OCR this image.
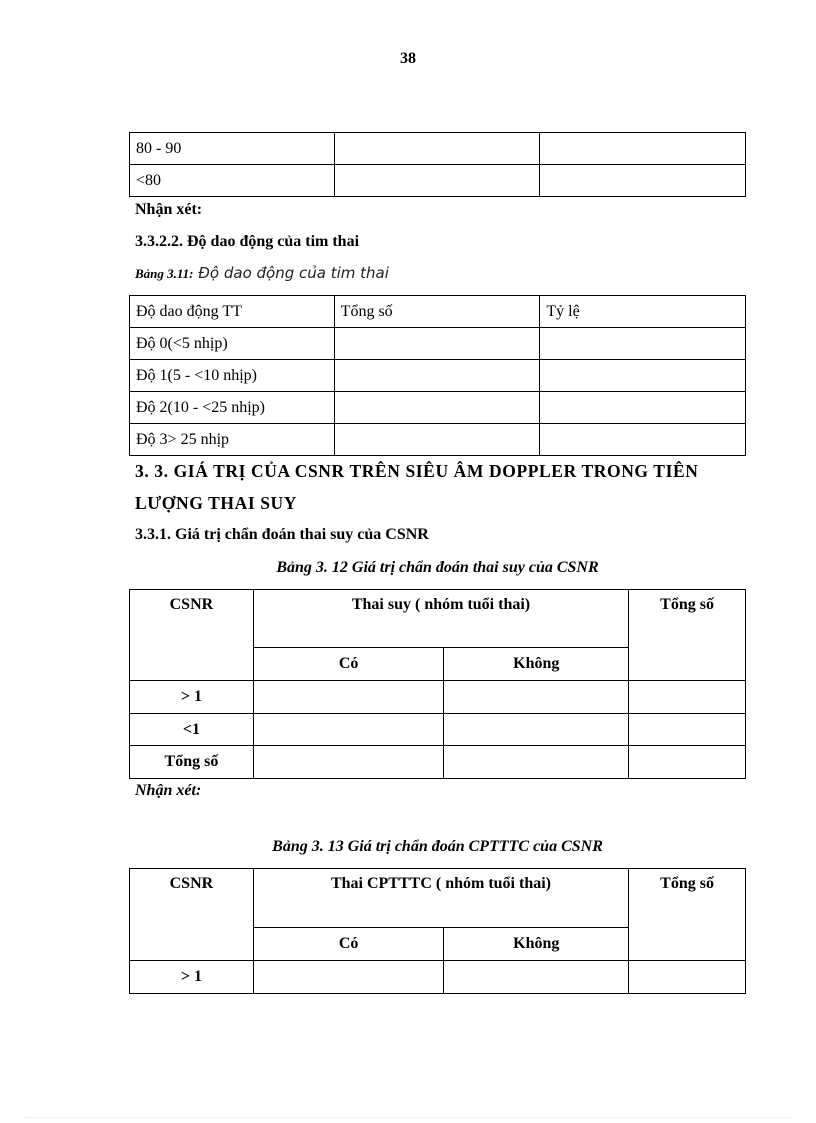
38
80 - 90		
<80		
Nhận xét:
3.3.2.2. Độ dao động của tim thai
Bảng 3.11: Độ dao động của tim thai
Độ dao động TT	Tổng số	Tỷ lệ
Độ 0(<5 nhịp)		
Độ 1(5 - <10 nhịp)		
Độ 2(10 - <25 nhịp)		
Độ 3> 25 nhịp		
3. 3. GIÁ TRỊ CỦA CSNR TRÊN SIÊU ÂM DOPPLER TRONG TIÊN
LƯỢNG THAI SUY
3.3.1. Giá trị chẩn đoán thai suy của CSNR
Bảng 3. 12 Giá trị chẩn đoán thai suy của CSNR
CSNR	Thai suy ( nhóm tuổi thai)		Tổng số
	Có	Không	
> 1			
<1			
Tổng số			
Nhận xét:
Bảng 3. 13 Giá trị chẩn đoán CPTTTC của CSNR
CSNR	Thai CPTTTC ( nhóm tuổi thai)		Tổng số
	Có	Không	
> 1			
